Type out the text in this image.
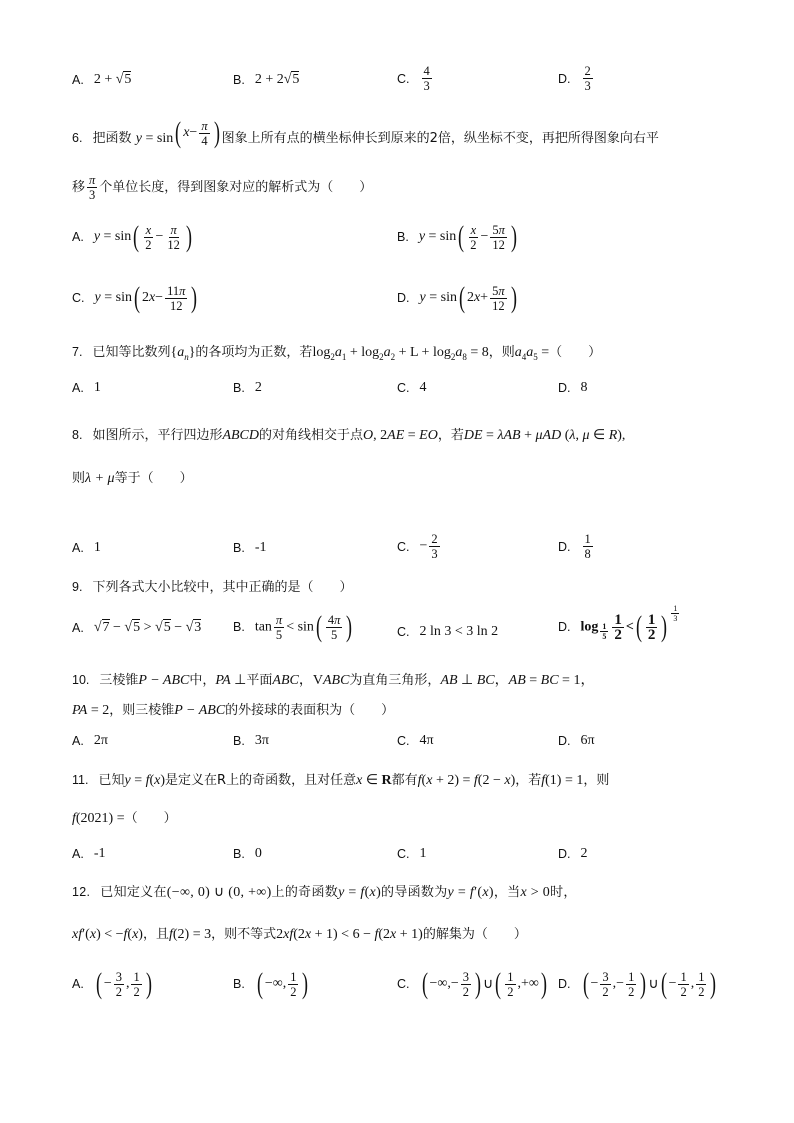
A. 2 + √5	B. 2 + 2√5	C. $\frac{4}{3}$	D. $\frac{2}{3}$
6. 把函数 y = sin ( $x - \frac{\pi}{4}$ ) 图象上所有点的横坐标伸长到原来的2倍，纵坐标不变，再把所得图象向右平
移 $\frac{\pi}{3}$ 个单位长度，得到图象对应的解析式为（　　）
A. y = sin ( $\frac{x}{2} - \frac{\pi}{12}$ )	B. y = sin ( $\frac{x}{2} - \frac{5\pi}{12}$ )
C. y = sin ( 2 $x - \frac{11\pi}{12}$ )	D. y = sin ( 2 $x + \frac{5\pi}{12}$ )
7. 已知等比数列$\{a_n\}$的各项均为正数，若$\log_2a_1 + \log_2a_2 + L + \log_2a_8 = 8$，则$a_4a_5$ =（　　）
A. 1	B. 2	C. 4	D. 8
8. 如图所示，平行四边形ABCD的对角线相交于点O, 2AE = EO，若DE = λAB + μAD (λ, μ ∈ R),
则λ + μ等于（　　）
A. 1	B. -1	C. − $\frac{2}{3}$	D. $\frac{1}{8}$
9. 下列各式大小比较中，其中正确的是（　　）
A. √7 − √5 > √5 − √3	B. $\tan \frac{\pi}{5} < \sin$ ( $\frac{4\pi}{5}$ )	C. 2 ln 3 < 3 ln 2	D. $\log _{\frac{1}{5}} \frac{1}{2}$ < ( $\frac{1}{2}$ ) $^{\frac{1}{3}}$
10. 三棱锥P − ABC中，PA ⊥平面ABC，VABC为直角三角形，AB ⊥ BC，AB = BC = 1，
PA = 2，则三棱锥P − ABC的外接球的表面积为（　　）
A. 2π	B. 3π	C. 4π	D. 6π
11. 已知y = f(x)是定义在R上的奇函数，且对任意x ∈ R都有f(x + 2) = f(2 − x)，若f(1) = 1，则
f(2021) =（　　）
A. -1	B. 0	C. 1	D. 2
12. 已知定义在(−∞, 0) ∪ (0, +∞)上的奇函数y = f(x)的导函数为y = f′(x)，当x > 0时，
xf′(x) < −f(x)，且f(2) = 3，则不等式2xf(2x + 1) < 6 − f(2x + 1)的解集为（　　）
A. ( − $\frac{3}{2}$ , $\frac{1}{2}$ )	B. ( −∞, $\frac{1}{2}$ )	C. ( −∞,− $\frac{3}{2}$ ) ∪ ( $\frac{1}{2}$ ,+∞ ) D. ( − $\frac{3}{2}$ ,− $\frac{1}{2}$ ) ∪ ( − $\frac{1}{2}$ , $\frac{1}{2}$ )
